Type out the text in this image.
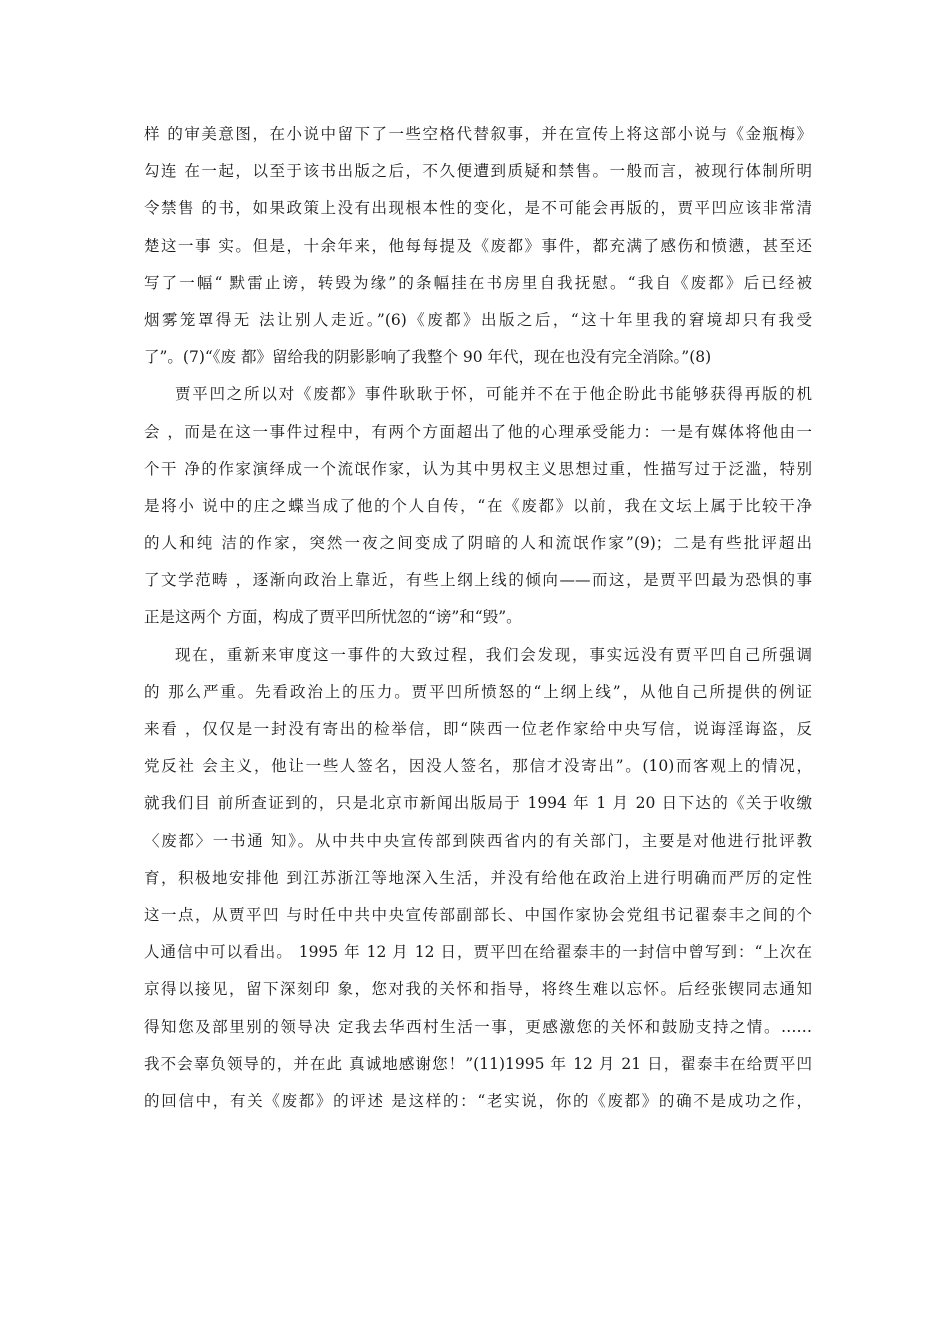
样 的审美意图，在小说中留下了一些空格代替叙事，并在宣传上将这部小说与《金瓶梅》
勾连 在一起，以至于该书出版之后，不久便遭到质疑和禁售。一般而言，被现行体制所明
令禁售 的书，如果政策上没有出现根本性的变化，是不可能会再版的，贾平凹应该非常清
楚这一事 实。但是，十余年来，他每每提及《废都》事件，都充满了感伤和愤懑，甚至还
写了一幅“ 默雷止谤，转毁为缘”的条幅挂在书房里自我抚慰。“我自《废都》后已经被
烟雾笼罩得无 法让别人走近。”(6)《废都》出版之后，“这十年里我的窘境却只有我受
了”。(7)“《废 都》留给我的阴影影响了我整个 90 年代，现在也没有完全消除。”(8)
贾平凹之所以对《废都》事件耿耿于怀，可能并不在于他企盼此书能够获得再版的机
会 ，而是在这一事件过程中，有两个方面超出了他的心理承受能力：一是有媒体将他由一
个干 净的作家演绎成一个流氓作家，认为其中男权主义思想过重，性描写过于泛滥，特别
是将小 说中的庄之蝶当成了他的个人自传，“在《废都》以前，我在文坛上属于比较干净
的人和纯 洁的作家，突然一夜之间变成了阴暗的人和流氓作家”(9)；二是有些批评超出
了文学范畴 ，逐渐向政治上靠近，有些上纲上线的倾向——而这，是贾平凹最为恐惧的事
正是这两个 方面，构成了贾平凹所忧忽的“谤”和“毁”。
现在，重新来审度这一事件的大致过程，我们会发现，事实远没有贾平凹自己所强调
的 那么严重。先看政治上的压力。贾平凹所愤怒的“上纲上线”，从他自己所提供的例证
来看 ，仅仅是一封没有寄出的检举信，即“陕西一位老作家给中央写信，说诲淫诲盗，反
党反社 会主义，他让一些人签名，因没人签名，那信才没寄出”。(10)而客观上的情况，
就我们目 前所查证到的，只是北京市新闻出版局于 1994 年 1 月 20 日下达的《关于收缴
〈废都〉一书通 知》。从中共中央宣传部到陕西省内的有关部门，主要是对他进行批评教
育，积极地安排他 到江苏浙江等地深入生活，并没有给他在政治上进行明确而严厉的定性
这一点，从贾平凹 与时任中共中央宣传部副部长、中国作家协会党组书记翟泰丰之间的个
人通信中可以看出。 1995 年 12 月 12 日，贾平凹在给翟泰丰的一封信中曾写到：“上次在
京得以接见，留下深刻印 象，您对我的关怀和指导，将终生难以忘怀。后经张锲同志通知
得知您及部里别的领导决 定我去华西村生活一事，更感激您的关怀和鼓励支持之情。……
我不会辜负领导的，并在此 真诚地感谢您！”(11)1995 年 12 月 21 日，翟泰丰在给贾平凹
的回信中，有关《废都》的评述 是这样的：“老实说，你的《废都》的确不是成功之作，
